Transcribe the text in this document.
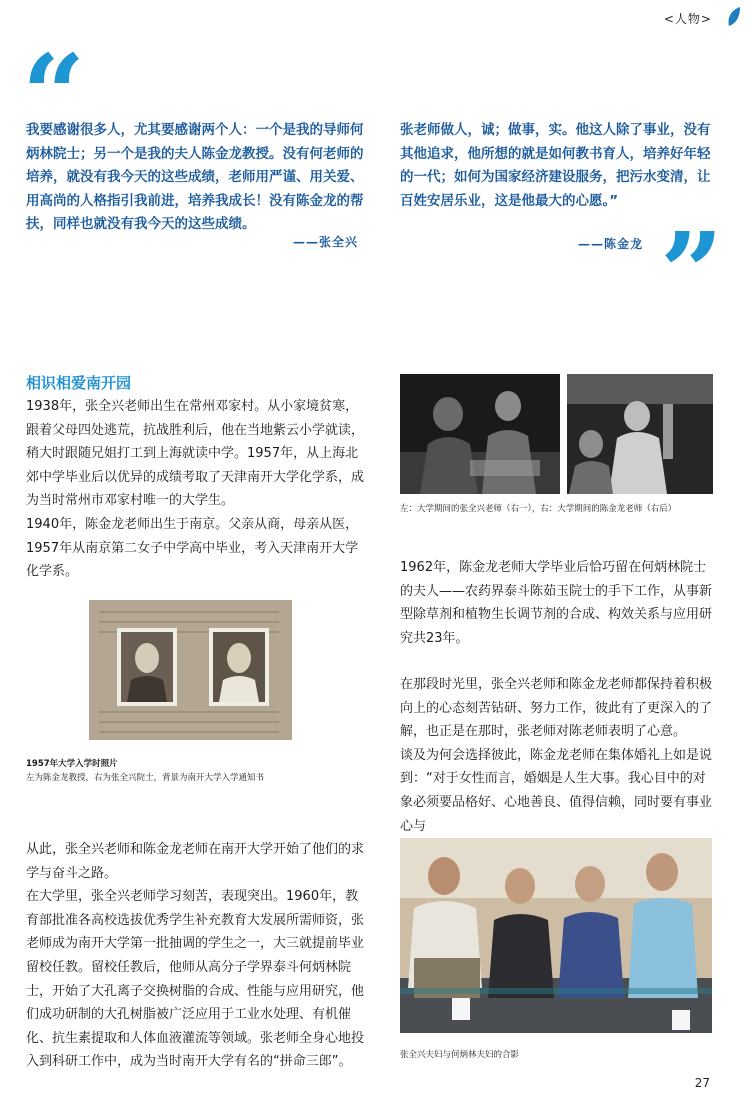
<人物>
“
我要感谢很多人，尤其要感谢两个人：一个是我的导师何炳林院士；另一个是我的夫人陈金龙教授。没有何老师的培养，就没有我今天的这些成绩，老师用严谨、用关爱、用高尚的人格指引我前进，培养我成长！没有陈金龙的帮扶，同样也就没有我今天的这些成绩。
——张全兴
张老师做人，诚；做事，实。他这人除了事业，没有其他追求，他所想的就是如何教书育人，培养好年轻的一代；如何为国家经济建设服务，把污水变清，让百姓安居乐业，这是他最大的心愿。”
——陈金龙 ”
相识相爱南开园

1938年，张全兴老师出生在常州邓家村。从小家境贫寒，跟着父母四处逃荒，抗战胜利后，他在当地紫云小学就读，稍大时跟随兄姐打工到上海就读中学。1957年，从上海北郊中学毕业后以优异的成绩考取了天津南开大学化学系，成为当时常州市邓家村唯一的大学生。

1940年，陈金龙老师出生于南京。父亲从商，母亲从医，1957年从南京第二女子中学高中毕业，考入天津南开大学化学系。

左：大学期间的张全兴老师（右一），右：大学期间的陈金龙老师（右后）

1962年，陈金龙老师大学毕业后恰巧留在何炳林院士的夫人——农药界泰斗陈茹玉院士的手下工作，从事新型除草剂和植物生长调节剂的合成、构效关系与应用研究共23年。

1957年大学入学时照片
左为陈金龙教授，右为张全兴院士，背景为南开大学入学通知书

在那段时光里，张全兴老师和陈金龙老师都保持着积极向上的心态刻苦钻研、努力工作，彼此有了更深入的了解，也正是在那时，张老师对陈老师表明了心意。

谈及为何会选择彼此，陈金龙老师在集体婚礼上如是说到：“对于女性而言，婚姻是人生大事。我心目中的对象必须要品格好、心地善良、值得信赖，同时要有事业心与

从此，张全兴老师和陈金龙老师在南开大学开始了他们的求学与奋斗之路。

在大学里，张全兴老师学习刻苦，表现突出。1960年，教育部批准各高校选拔优秀学生补充教育大发展所需师资，张老师成为南开大学第一批抽调的学生之一，大三就提前毕业留校任教。留校任教后，他师从高分子学界泰斗何炳林院士，开始了大孔离子交换树脂的合成、性能与应用研究，他们成功研制的大孔树脂被广泛应用于工业水处理、有机催化、抗生素提取和人体血液灌流等领域。张老师全身心地投入到科研工作中，成为当时南开大学有名的“拼命三郎”。	张全兴夫妇与何炳林夫妇的合影
27
